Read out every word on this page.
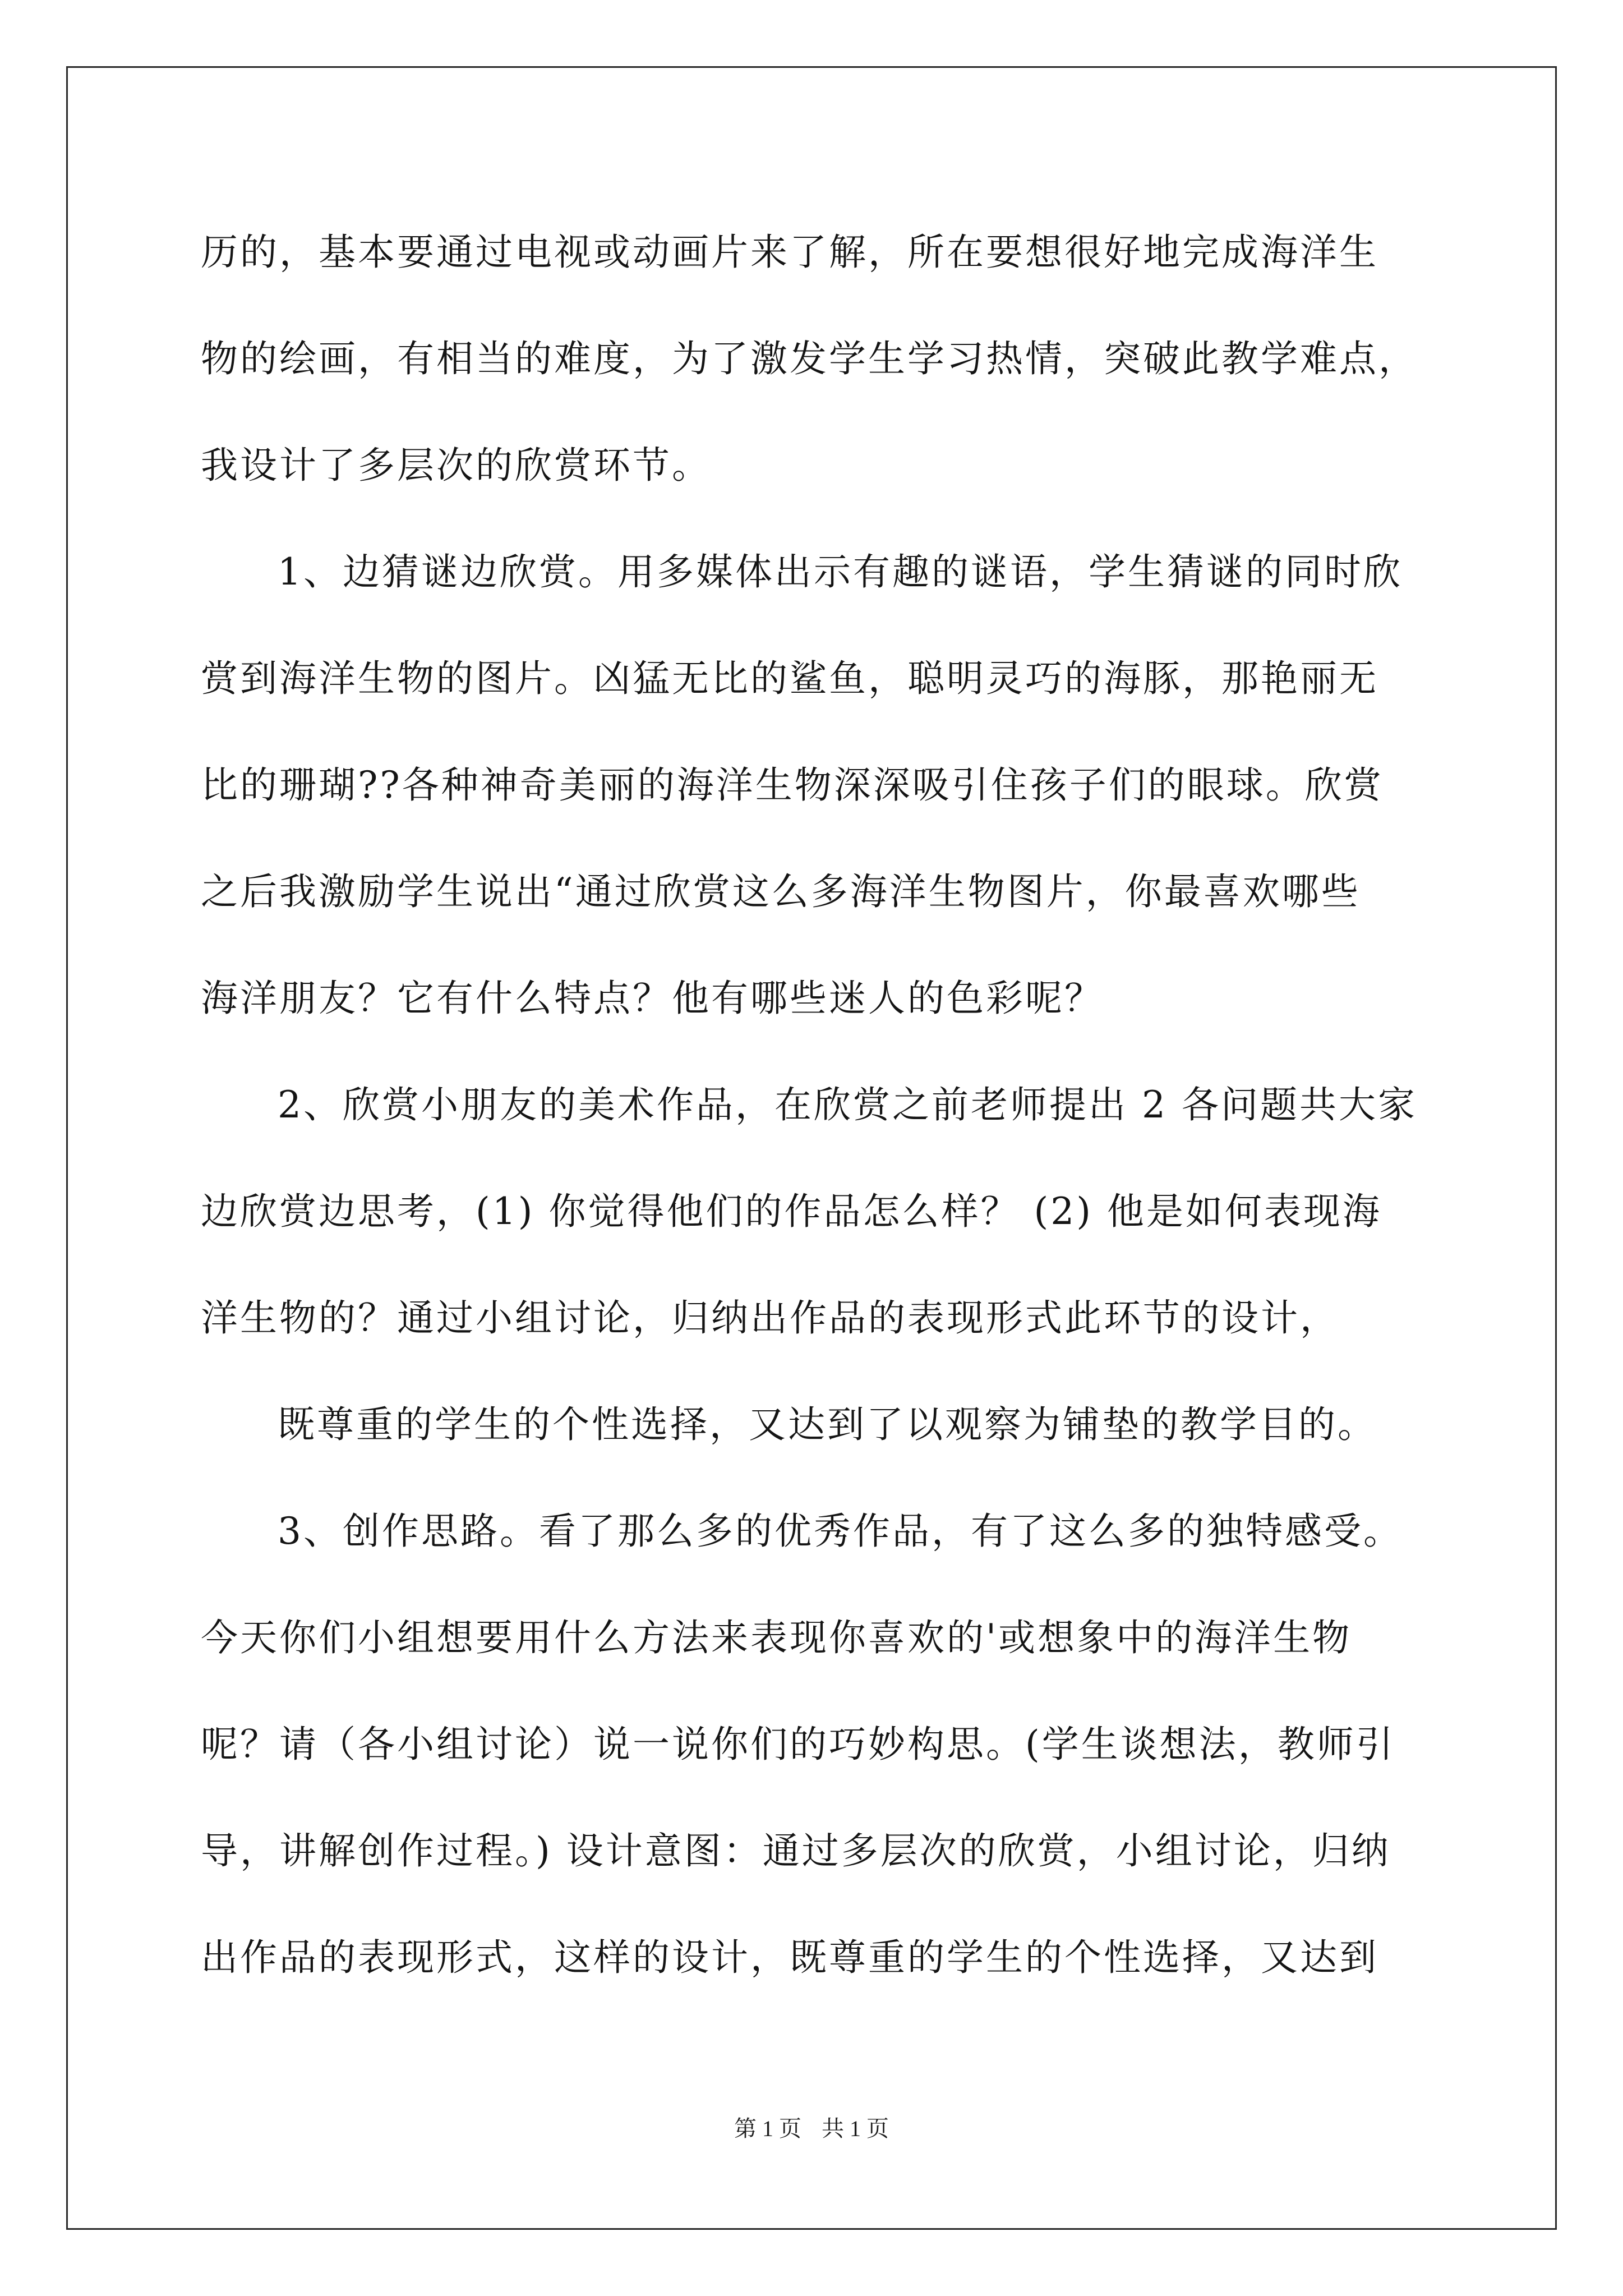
历的，基本要通过电视或动画片来了解，所在要想很好地完成海洋生
物的绘画，有相当的难度，为了激发学生学习热情，突破此教学难点，
我设计了多层次的欣赏环节。
1、边猜谜边欣赏。用多媒体出示有趣的谜语，学生猜谜的同时欣
赏到海洋生物的图片。凶猛无比的鲨鱼，聪明灵巧的海豚，那艳丽无
比的珊瑚??各种神奇美丽的海洋生物深深吸引住孩子们的眼球。欣赏
之后我激励学生说出“通过欣赏这么多海洋生物图片，你最喜欢哪些
海洋朋友？它有什么特点？他有哪些迷人的色彩呢？
2、欣赏小朋友的美术作品，在欣赏之前老师提出 2 各问题共大家
边欣赏边思考，(1) 你觉得他们的作品怎么样？ (2) 他是如何表现海
洋生物的？通过小组讨论，归纳出作品的表现形式此环节的设计，
既尊重的学生的个性选择，又达到了以观察为铺垫的教学目的。
3、创作思路。看了那么多的优秀作品，有了这么多的独特感受。
今天你们小组想要用什么方法来表现你喜欢的'或想象中的海洋生物
呢？请（各小组讨论）说一说你们的巧妙构思。(学生谈想法，教师引
导，讲解创作过程。) 设计意图：通过多层次的欣赏，小组讨论，归纳
出作品的表现形式，这样的设计，既尊重的学生的个性选择，又达到
第 1 页 共 1 页
